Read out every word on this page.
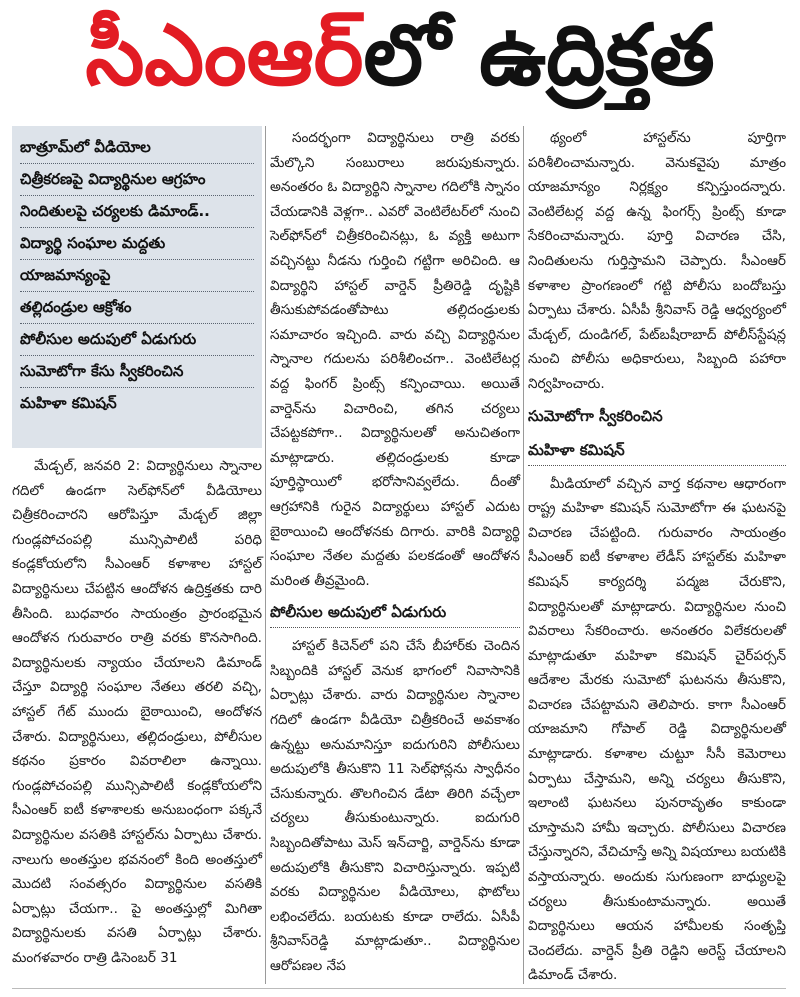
సీఎంఆర్ లో ఉద్రిక్తత
బాత్రూమ్‌లో వీడియోల
చిత్రీకరణపై విద్యార్థినుల ఆగ్రహం
నిందితులపై చర్యలకు డిమాండ్‌..
విద్యార్థి సంఘాల మద్దతు
యాజమాన్యంపై
తల్లిదండ్రుల ఆక్రోశం
పోలీసుల అదుపులో ఏడుగురు
సుమోటోగా కేసు స్వీకరించిన
మహిళా కమిషన్‌

మేడ్చల్‌, జనవరి 2: విద్యార్థినులు స్నానాల గదిలో ఉండగా సెల్‌ఫోన్‌లో వీడియోలు చిత్రీకరించారని ఆరోపిస్తూ మేడ్చల్‌ జిల్లా గుండ్లపోచంపల్లి మున్సిపాలిటీ పరిధి కండ్లకోయలోని సీఎంఆర్‌ కళాశాల హాస్టల్‌ విద్యార్థినులు చేపట్టిన ఆందోళన ఉద్రిక్తతకు దారి తీసింది. బుధవారం సాయంత్రం ప్రారంభమైన ఆందోళన గురువారం రాత్రి వరకు కొనసాగింది. విద్యార్థినులకు న్యాయం చేయాలని డిమాండ్‌ చేస్తూ విద్యార్థి సంఘాల నేతలు తరలి వచ్చి, హాస్టల్‌ గేట్‌ ముందు బైఠాయించి, ఆందోళన చేశారు. విద్యార్థినులు, తల్లిదండ్రులు, పోలీసుల కథనం ప్రకారం వివరాలిలా ఉన్నాయి. గుండ్లపోచంపల్లి మున్సిపాలిటీ కండ్లకోయలోని సీఎంఆర్‌ ఐటీ కళాశాలకు అనుబంధంగా పక్కనే విద్యార్థినుల వసతికి హాస్టల్‌ను ఏర్పాటు చేశారు. నాలుగు అంతస్తుల భవనంలో కింది అంతస్తులో మొదటి సంవత్సరం విద్యార్థినుల వసతికి ఏర్పాట్లు చేయగా.. పై అంతస్తుల్లో మిగితా విద్యార్థినులకు వసతి ఏర్పాట్లు చేశారు. మంగళవారం రాత్రి డిసెంబర్‌ 31

సందర్భంగా విద్యార్థినులు రాత్రి వరకు మేల్కొని సంబురాలు జరుపుకున్నారు. అనంతరం ఓ విద్యార్థిని స్నానాల గదిలోకి స్నానం చేయడానికి వెళ్లగా.. ఎవరో వెంటిలేటర్‌లో నుంచి సెల్‌ఫోన్‌లో చిత్రీకరించినట్లు, ఓ వ్యక్తి అటుగా వచ్చినట్టు నీడను గుర్తించి గట్టిగా అరిచింది. ఆ విద్యార్థిని హాస్టల్‌ వార్డెన్‌ ప్రీతిరెడ్డి దృష్టికి తీసుకుపోవడంతోపాటు తల్లిదండ్రులకు సమాచారం ఇచ్చింది. వారు వచ్చి విద్యార్థినుల స్నానాల గదులను పరిశీలించగా.. వెంటిలేటర్ల వద్ద ఫింగర్‌ ప్రింట్స్‌ కన్పించాయి. అయితే వార్డెన్‌ను విచారించి, తగిన చర్యలు చేపట్టకపోగా.. విద్యార్థినులతో అనుచితంగా మాట్లాడారు. తల్లిదండ్రులకు కూడా పూర్తిస్థాయిలో భరోసానివ్వలేదు. దీంతో ఆగ్రహానికి గురైన విద్యార్థులు హాస్టల్‌ ఎదుట బైఠాయించి ఆందోళనకు దిగారు. వారికి విద్యార్థి సంఘాల నేతల మద్దతు పలకడంతో ఆందోళన మరింత తీవ్రమైంది.

పోలీసుల అదుపులో ఏడుగురు

హాస్టల్‌ కిచెన్‌లో పని చేసే బీహార్‌కు చెందిన సిబ్బందికి హాస్టల్‌ వెనుక భాగంలో నివాసానికి ఏర్పాట్లు చేశారు. వారు విద్యార్థినుల స్నానాల గదిలో ఉండగా వీడియో చిత్రీకరించే అవకాశం ఉన్నట్టు అనుమానిస్తూ ఐదుగురిని పోలీసులు అదుపులోకి తీసుకొని 11 సెల్‌ఫోన్లను స్వాధీనం చేసుకున్నారు. తొలగించిన డేటా తిరిగి వచ్చేలా చర్యలు తీసుకుంటున్నారు. ఐదుగురి సిబ్బందితోపాటు మెస్‌ ఇన్‌చార్జి, వార్డెన్‌ను కూడా అదుపులోకి తీసుకొని విచారిస్తున్నారు. ఇప్పటి వరకు విద్యార్థినుల వీడియోలు, ఫొటోలు లభించలేదు. బయటకు కూడా రాలేదు. ఏసీపీ శ్రీనివాస్‌రెడ్డి మాట్లాడుతూ.. విద్యార్థినుల ఆరోపణల నేప

థ్యంలో హాస్టల్‌ను పూర్తిగా పరిశీలించామన్నారు. వెనుకవైపు మాత్రం యాజమాన్యం నిర్లక్ష్యం కన్పిస్తుందన్నారు. వెంటిలేటర్ల వద్ద ఉన్న ఫింగర్స్‌ ప్రింట్స్‌ కూడా సేకరించామన్నారు. పూర్తి విచారణ చేసి, నిందితులను గుర్తిస్తామని చెప్పారు. సీఎంఆర్‌ కళాశాల ప్రాంగణంలో గట్టి పోలీసు బందోబస్తు ఏర్పాటు చేశారు. ఏసీపీ శ్రీనివాస్‌ రెడ్డి ఆధ్వర్యంలో మేడ్చల్‌, దుండిగల్‌, పేట్‌బషీరాబాద్‌ పోలీస్‌స్టేషన్ల నుంచి పోలీసు అధికారులు, సిబ్బంది పహారా నిర్వహించారు.

సుమోటోగా స్వీకరించిన
మహిళా కమిషన్‌

మీడియాలో వచ్చిన వార్త కథనాల ఆధారంగా రాష్ట్ర మహిళా కమిషన్‌ సుమోటోగా ఈ ఘటనపై విచారణ చేపట్టింది. గురువారం సాయంత్రం సీఎంఆర్‌ ఐటీ కళాశాల లేడీస్‌ హాస్టల్‌కు మహిళా కమిషన్‌ కార్యదర్శి పద్మజ చేరుకొని, విద్యార్థినులతో మాట్లాడారు. విద్యార్థినుల నుంచి వివరాలు సేకరించారు. అనంతరం విలేకరులతో మాట్లాడుతూ మహిళా కమిషన్‌ చైర్‌పర్సన్‌ ఆదేశాల మేరకు సుమోటో ఘటనను తీసుకొని, విచారణ చేపట్టామని తెలిపారు. కాగా సీఎంఆర్‌ యాజమాని గోపాల్‌ రెడ్డి విద్యార్థినులతో మాట్లాడారు. కళాశాల చుట్టూ సీసీ కెమెరాలు ఏర్పాటు చేస్తామని, అన్ని చర్యలు తీసుకొని, ఇలాంటి ఘటనలు పునరావృతం కాకుండా చూస్తామని హామీ ఇచ్చారు. పోలీసులు విచారణ చేస్తున్నారని, వేచిచూస్తే అన్ని విషయాలు బయటికి వస్తాయన్నారు. అందుకు సుగుణంగా బాధ్యులపై చర్యలు తీసుకుంటామన్నారు. అయితే విద్యార్థినులు ఆయన హామీలకు సంతృప్తి చెందలేదు. వార్డెన్‌ ప్రీతి రెడ్డిని అరెస్ట్‌ చేయాలని డిమాండ్‌ చేశారు.
